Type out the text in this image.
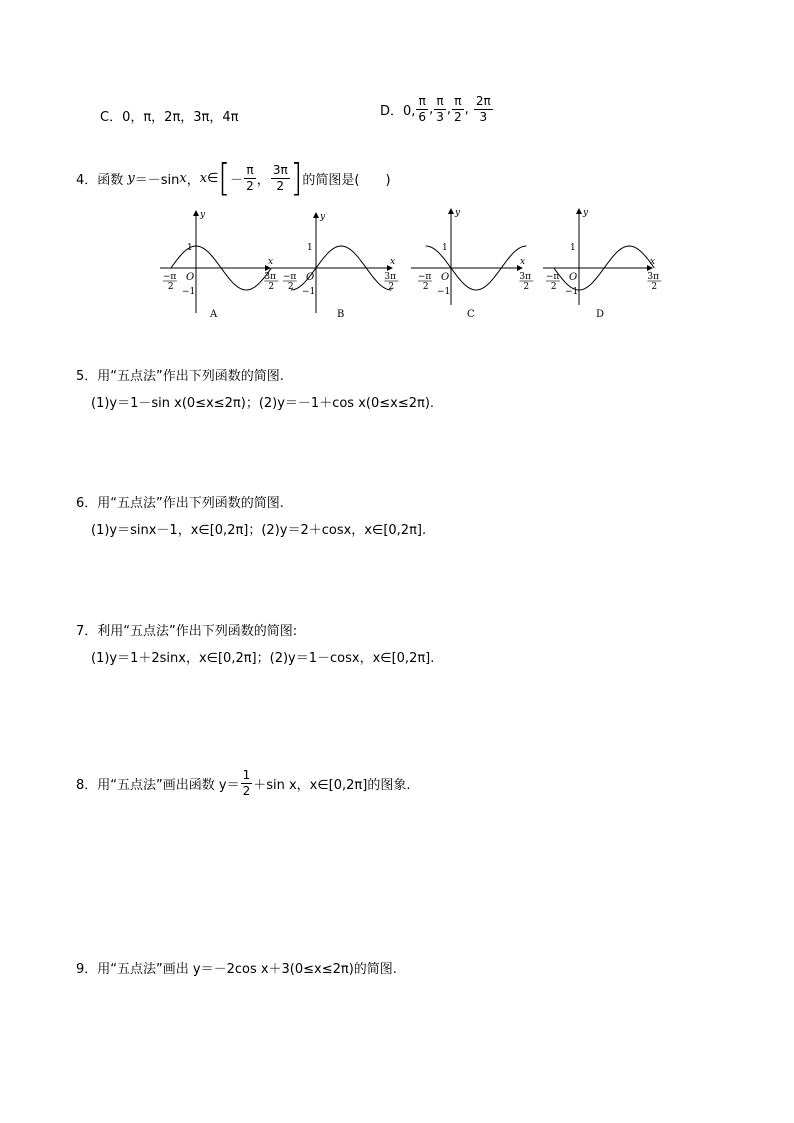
C．0，π，2π，3π，4π	D．0, $\frac{\pi}{6}$ , $\frac{\pi}{3}$ , $\frac{\pi}{2}$ , $\frac{2\pi}{3}$
4．函数 y＝－sinx，x∈[－ $\frac{\pi}{2}$ ， $\frac{3\pi}{2}$ ]的简图是(　　)
x
y
O
1
−1
−π
2
3π
2
A
x
y
O
1
−1
−π
2
3π
2
B
x
y
O
1
−1
−π
2
3π
2
C
x
y
O
1
−1
−π
2
3π
2
D
5．用“五点法”作出下列函数的简图.
(1)y＝1－sin x(0≤x≤2π)；(2)y＝－1＋cos x(0≤x≤2π).
6．用“五点法”作出下列函数的简图.
(1)y＝sinx－1，x∈[0,2π]；(2)y＝2＋cosx，x∈[0,2π].
7．利用“五点法”作出下列函数的简图:
(1)y＝1＋2sinx，x∈[0,2π]；(2)y＝1－cosx，x∈[0,2π].
8．用“五点法”画出函数 $y= \frac{1}{2} +\sin$ x，x∈[0,2π]的图象.
9．用“五点法”画出 y＝－2cos x＋3(0≤x≤2π)的简图.
